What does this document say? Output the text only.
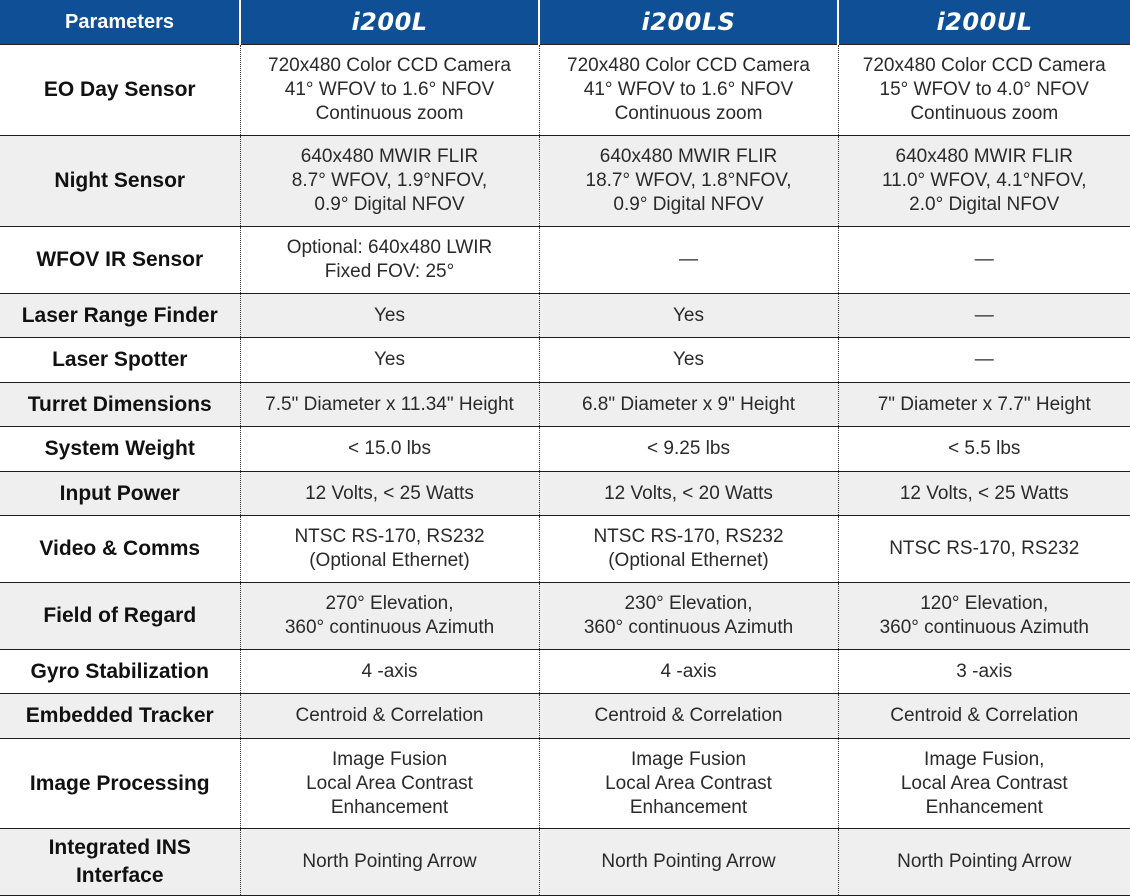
Parameters	i200L	i200LS	i200UL

EO Day Sensor	720x480 Color CCD Camera
41° WFOV to 1.6° NFOV
Continuous zoom	720x480 Color CCD Camera
41° WFOV to 1.6° NFOV
Continuous zoom	720x480 Color CCD Camera
15° WFOV to 4.0° NFOV
Continuous zoom

Night Sensor	640x480 MWIR FLIR
8.7° WFOV, 1.9°NFOV,
0.9° Digital NFOV	640x480 MWIR FLIR
18.7° WFOV, 1.8°NFOV,
0.9° Digital NFOV	640x480 MWIR FLIR
11.0° WFOV, 4.1°NFOV,
2.0° Digital NFOV

WFOV IR Sensor	Optional: 640x480 LWIR
Fixed FOV: 25°	—	—

Laser Range Finder	Yes	Yes	—

Laser Spotter	Yes	Yes	—

Turret Dimensions	7.5" Diameter x 11.34" Height	6.8" Diameter x 9" Height	7" Diameter x 7.7" Height

System Weight	< 15.0 lbs	< 9.25 lbs	< 5.5 lbs

Input Power	12 Volts, < 25 Watts	12 Volts, < 20 Watts	12 Volts, < 25 Watts

Video & Comms	NTSC RS-170, RS232
(Optional Ethernet)	NTSC RS-170, RS232
(Optional Ethernet)	NTSC RS-170, RS232

Field of Regard	270° Elevation,
360° continuous Azimuth	230° Elevation,
360° continuous Azimuth	120° Elevation,
360° continuous Azimuth

Gyro Stabilization	4 -axis	4 -axis	3 -axis

Embedded Tracker	Centroid & Correlation	Centroid & Correlation	Centroid & Correlation

Image Processing	Image Fusion
Local Area Contrast
Enhancement	Image Fusion
Local Area Contrast
Enhancement	Image Fusion,
Local Area Contrast
Enhancement

Integrated INS
Interface	North Pointing Arrow	North Pointing Arrow	North Pointing Arrow
